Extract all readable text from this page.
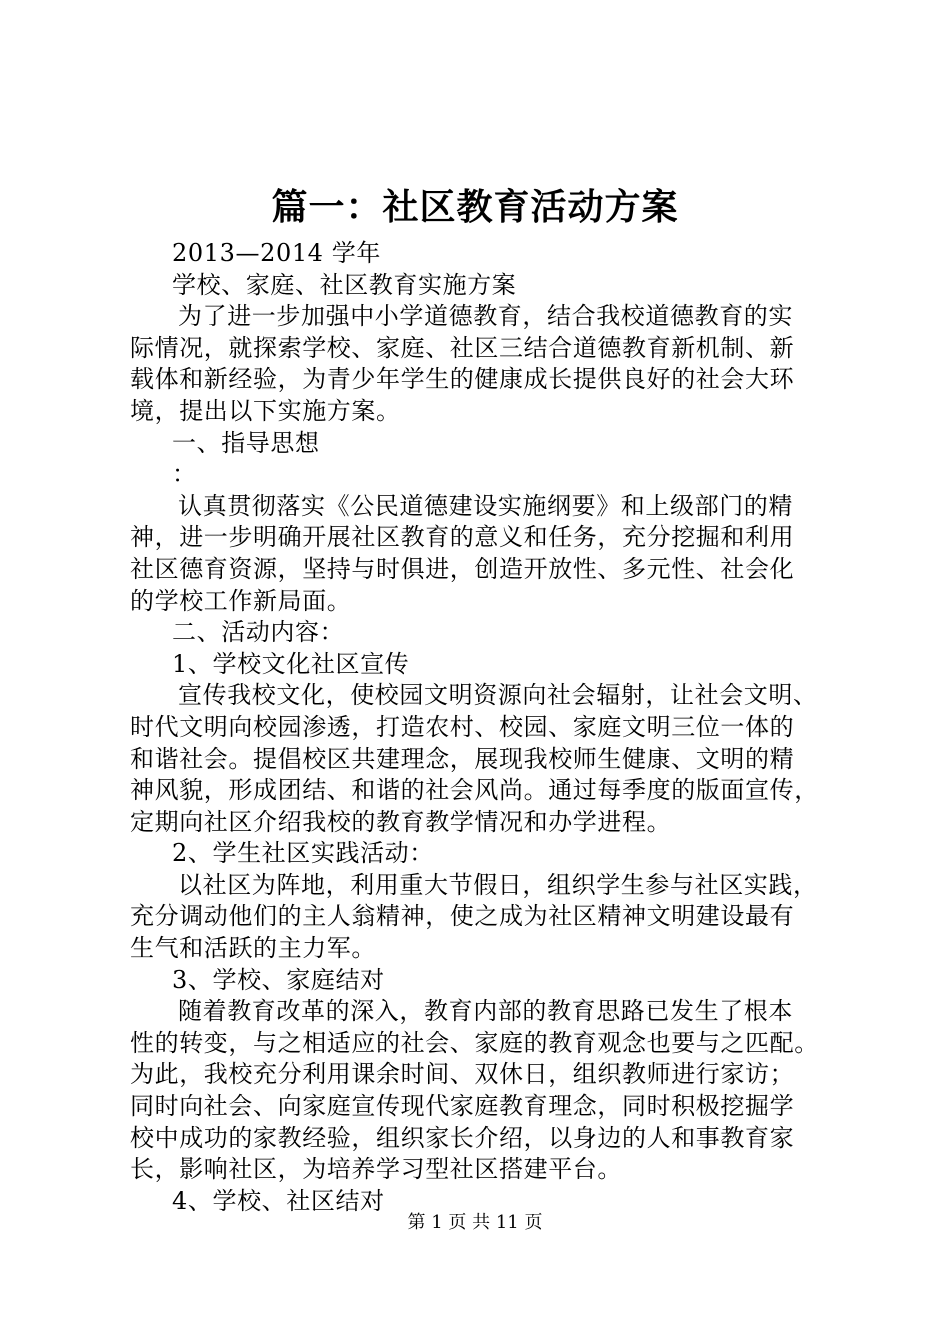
篇一：社区教育活动方案

2013—2014 学年

学校、家庭、社区教育实施方案

为了进一步加强中小学道德教育，结合我校道德教育的实

际情况，就探索学校、家庭、社区三结合道德教育新机制、新

载体和新经验，为青少年学生的健康成长提供良好的社会大环

境，提出以下实施方案。

一、指导思想

：

认真贯彻落实《公民道德建设实施纲要》和上级部门的精

神，进一步明确开展社区教育的意义和任务，充分挖掘和利用

社区德育资源，坚持与时俱进，创造开放性、多元性、社会化

的学校工作新局面。

二、活动内容：

1、学校文化社区宣传

宣传我校文化，使校园文明资源向社会辐射，让社会文明、

时代文明向校园渗透，打造农村、校园、家庭文明三位一体的

和谐社会。提倡校区共建理念，展现我校师生健康、文明的精

神风貌，形成团结、和谐的社会风尚。通过每季度的版面宣传，

定期向社区介绍我校的教育教学情况和办学进程。

2、学生社区实践活动：

以社区为阵地，利用重大节假日，组织学生参与社区实践，

充分调动他们的主人翁精神，使之成为社区精神文明建设最有

生气和活跃的主力军。

3、学校、家庭结对

随着教育改革的深入，教育内部的教育思路已发生了根本

性的转变，与之相适应的社会、家庭的教育观念也要与之匹配。

为此，我校充分利用课余时间、双休日，组织教师进行家访；

同时向社会、向家庭宣传现代家庭教育理念，同时积极挖掘学

校中成功的家教经验，组织家长介绍，以身边的人和事教育家

长，影响社区，为培养学习型社区搭建平台。

4、学校、社区结对

第 1 页 共 11 页
